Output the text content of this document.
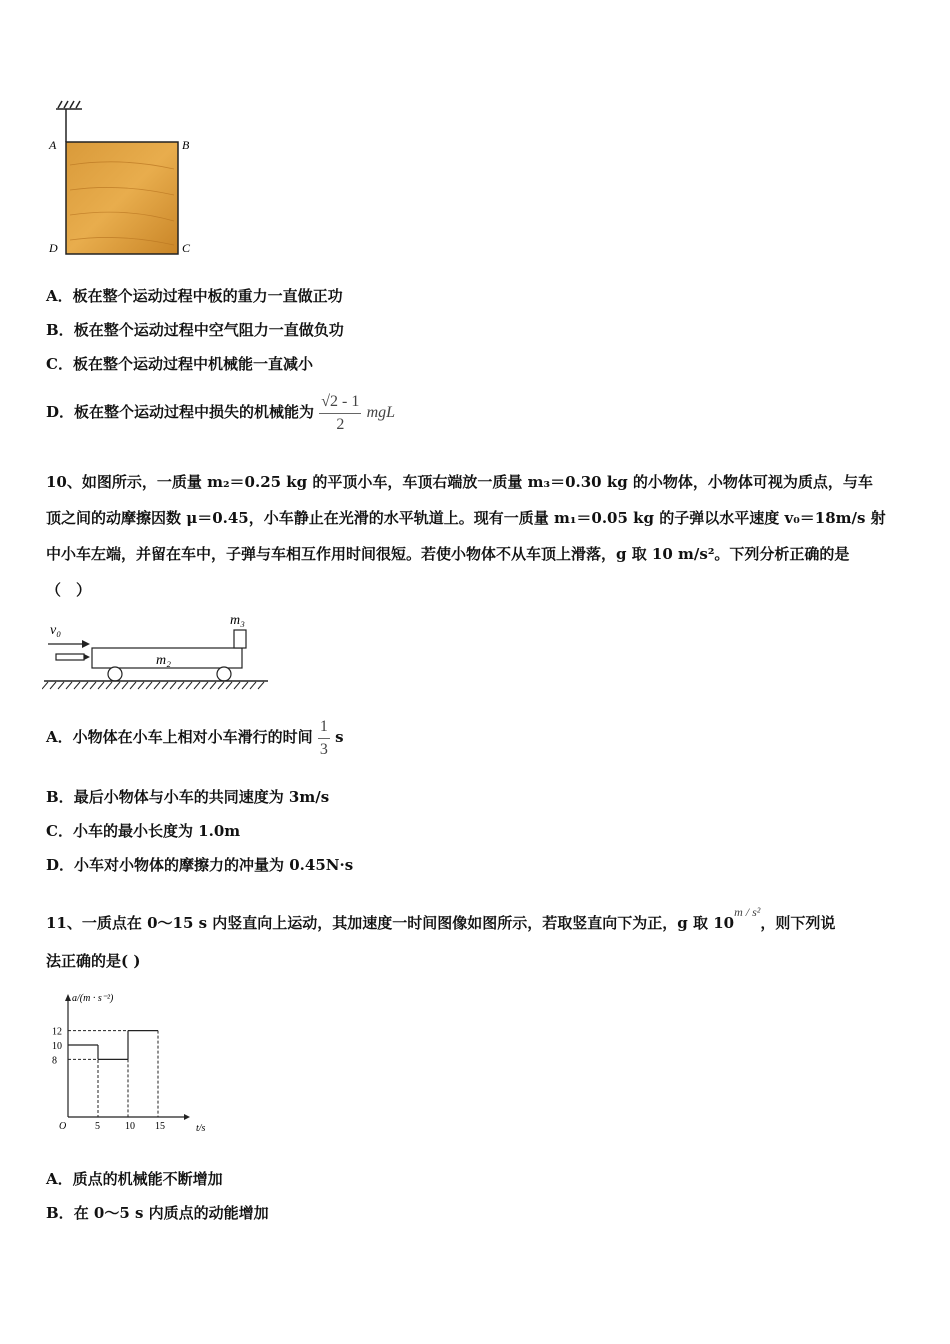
A	B
D	C
A．板在整个运动过程中板的重力一直做正功
B．板在整个运动过程中空气阻力一直做负功
C．板在整个运动过程中机械能一直减小
D．板在整个运动过程中损失的机械能为 $\frac{√2 - 1}{2}$ mgL
10、如图所示，一质量 m₂＝0.25 kg 的平顶小车，车顶右端放一质量 m₃＝0.30 kg 的小物体，小物体可视为质点，与车
顶之间的动摩擦因数 μ＝0.45，小车静止在光滑的水平轨道上。现有一质量 m₁＝0.05 kg 的子弹以水平速度 v₀＝18m/s 射
中小车左端，并留在车中，子弹与车相互作用时间很短。若使小物体不从车顶上滑落，g 取 10 m/s²。下列分析正确的是
（　）
v₀
m₂
m₃
A．小物体在小车上相对小车滑行的时间 $\frac{1}{3}$ s
B．最后小物体与小车的共同速度为 3m/s
C．小车的最小长度为 1.0m
D．小车对小物体的摩擦力的冲量为 0.45N·s
11、一质点在 0～15 s 内竖直向上运动，其加速度一时间图像如图所示，若取竖直向下为正，g 取 $10^{m / s^2}$，则下列说
法正确的是( )
a/(m · s⁻²)
t/s
O	5	10 15
8
10
12
A．质点的机械能不断增加
B．在 0～5 s 内质点的动能增加
